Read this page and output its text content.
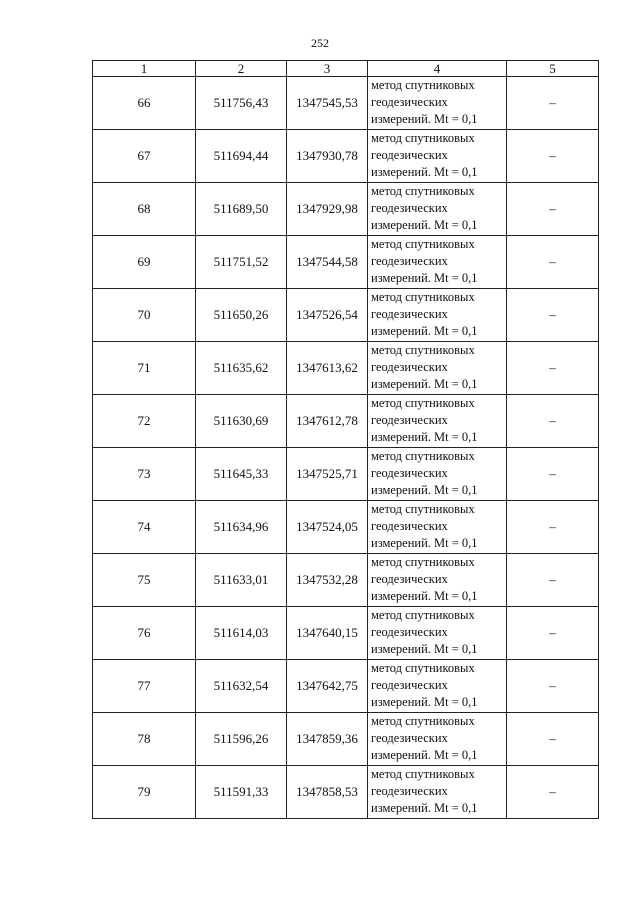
252
1	2	3	4	5
66	511756,43	1347545,53	метод спутниковых
геодезических
измерений. Mt = 0,1	–
67	511694,44	1347930,78	метод спутниковых
геодезических
измерений. Mt = 0,1	–
68	511689,50	1347929,98	метод спутниковых
геодезических
измерений. Mt = 0,1	–
69	511751,52	1347544,58	метод спутниковых
геодезических
измерений. Mt = 0,1	–
70	511650,26	1347526,54	метод спутниковых
геодезических
измерений. Mt = 0,1	–
71	511635,62	1347613,62	метод спутниковых
геодезических
измерений. Mt = 0,1	–
72	511630,69	1347612,78	метод спутниковых
геодезических
измерений. Mt = 0,1	–
73	511645,33	1347525,71	метод спутниковых
геодезических
измерений. Mt = 0,1	–
74	511634,96	1347524,05	метод спутниковых
геодезических
измерений. Mt = 0,1	–
75	511633,01	1347532,28	метод спутниковых
геодезических
измерений. Mt = 0,1	–
76	511614,03	1347640,15	метод спутниковых
геодезических
измерений. Mt = 0,1	–
77	511632,54	1347642,75	метод спутниковых
геодезических
измерений. Mt = 0,1	–
78	511596,26	1347859,36	метод спутниковых
геодезических
измерений. Mt = 0,1	–
79	511591,33	1347858,53	метод спутниковых
геодезических
измерений. Mt = 0,1	–
